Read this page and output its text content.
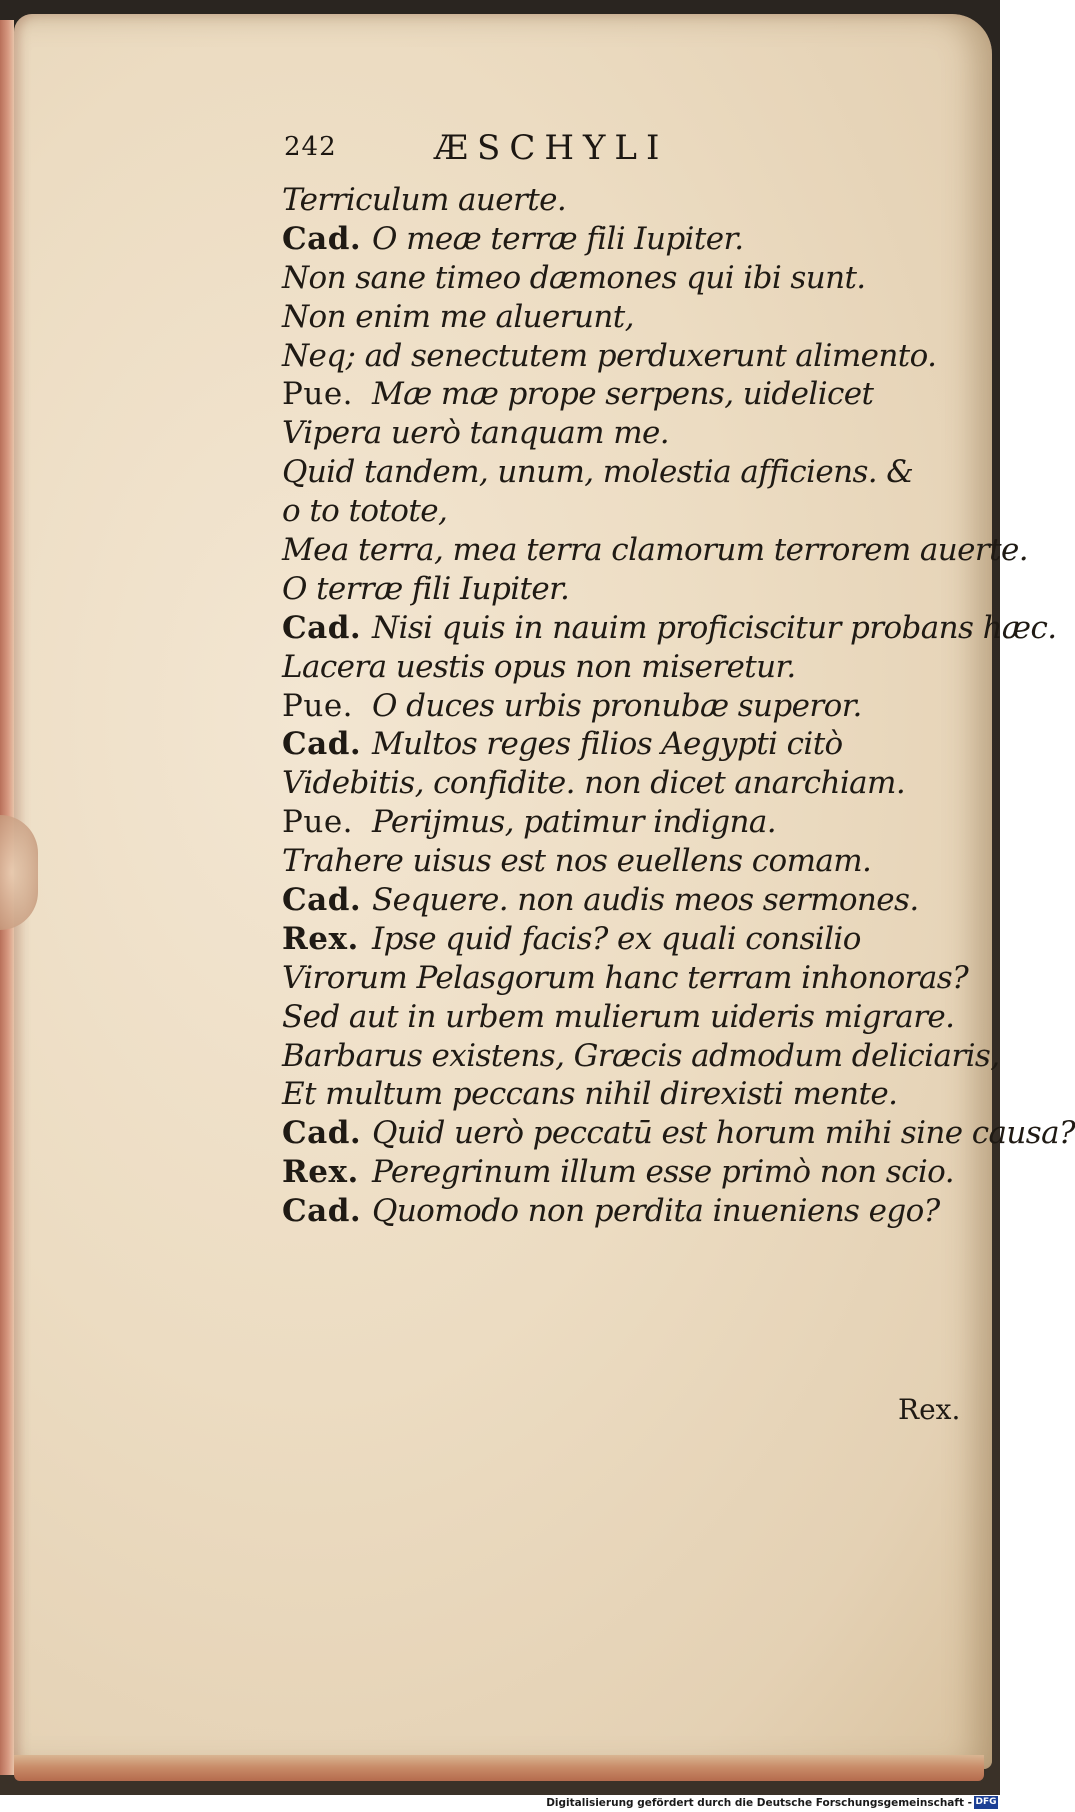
242	ÆSCHYLI
Terriculum auerte.
Cad. O meæ terræ fili Iupiter.
Non sane timeo dæmones qui ibi sunt.
Non enim me aluerunt,
Neq; ad senectutem perduxerunt alimento.
Pue. Mæ mæ prope serpens, uidelicet
Vipera uerò tanquam me.
Quid tandem, unum, molestia afficiens. &
o to totote,
Mea terra, mea terra clamorum terrorem auerte.
O terræ fili Iupiter.
Cad. Nisi quis in nauim proficiscitur probans hæc.
Lacera uestis opus non miseretur.
Pue. O duces urbis pronubæ superor.
Cad. Multos reges filios Aegypti citò
Videbitis, confidite. non dicet anarchiam.
Pue. Perijmus, patimur indigna.
Trahere uisus est nos euellens comam.
Cad. Sequere. non audis meos sermones.
Rex. Ipse quid facis? ex quali consilio
Virorum Pelasgorum hanc terram inhonoras?
Sed aut in urbem mulierum uideris migrare.
Barbarus existens, Græcis admodum deliciaris,
Et multum peccans nihil direxisti mente.
Cad. Quid uerò peccatū est horum mihi sine causa?
Rex. Peregrinum illum esse primò non scio.
Cad. Quomodo non perdita inueniens ego?
Rex.
Digitalisierung gefördert durch die Deutsche Forschungsgemeinschaft - DFG
